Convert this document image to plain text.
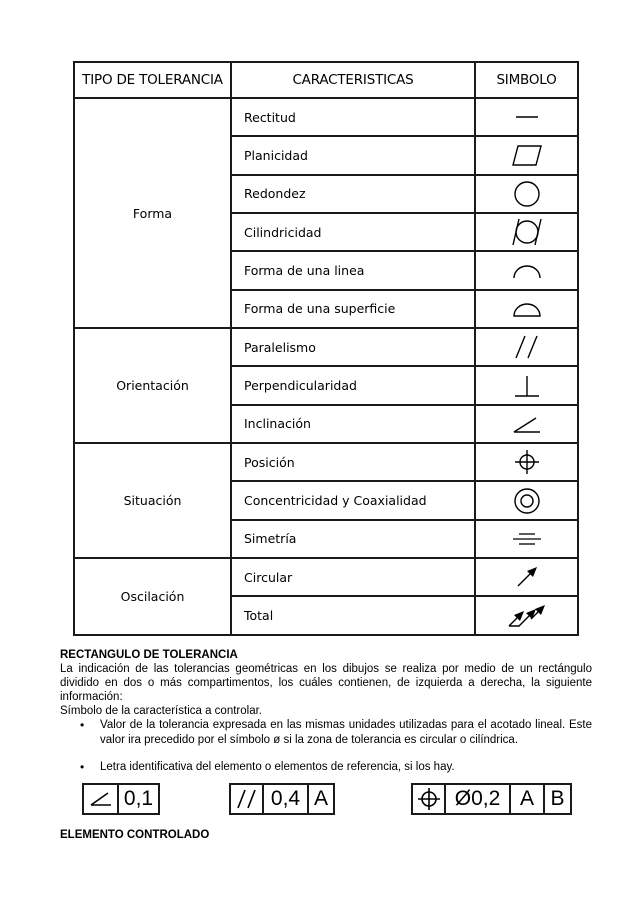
TIPO DE TOLERANCIA	CARACTERISTICAS	SIMBOLO
Forma	Rectitud	

	Planicidad	

	Redondez	

	Cilindricidad	

	Forma de una linea	

	Forma de una superficie	

Orientación	Paralelismo	

	Perpendicularidad	

	Inclinación	

Situación	Posición	

	Concentricidad y Coaxialidad	

	Simetría	

Oscilación	Circular	

	Total	
RECTANGULO DE TOLERANCIA
La indicación de las tolerancias geométricas en los dibujos se realiza por medio de un rectángulo dividido en dos o más compartimentos, los cuáles contienen, de izquierda a derecha, la siguiente información:
Símbolo de la característica a controlar.
• Valor de la tolerancia expresada en las mismas unidades utilizadas para el acotado lineal. Este valor ira precedido por el símbolo ø si la zona de tolerancia es circular o cilíndrica.
• Letra identificativa del elemento o elementos de referencia, si los hay.
0,1	0,4 A	Ø0,2 A B
ELEMENTO CONTROLADO
